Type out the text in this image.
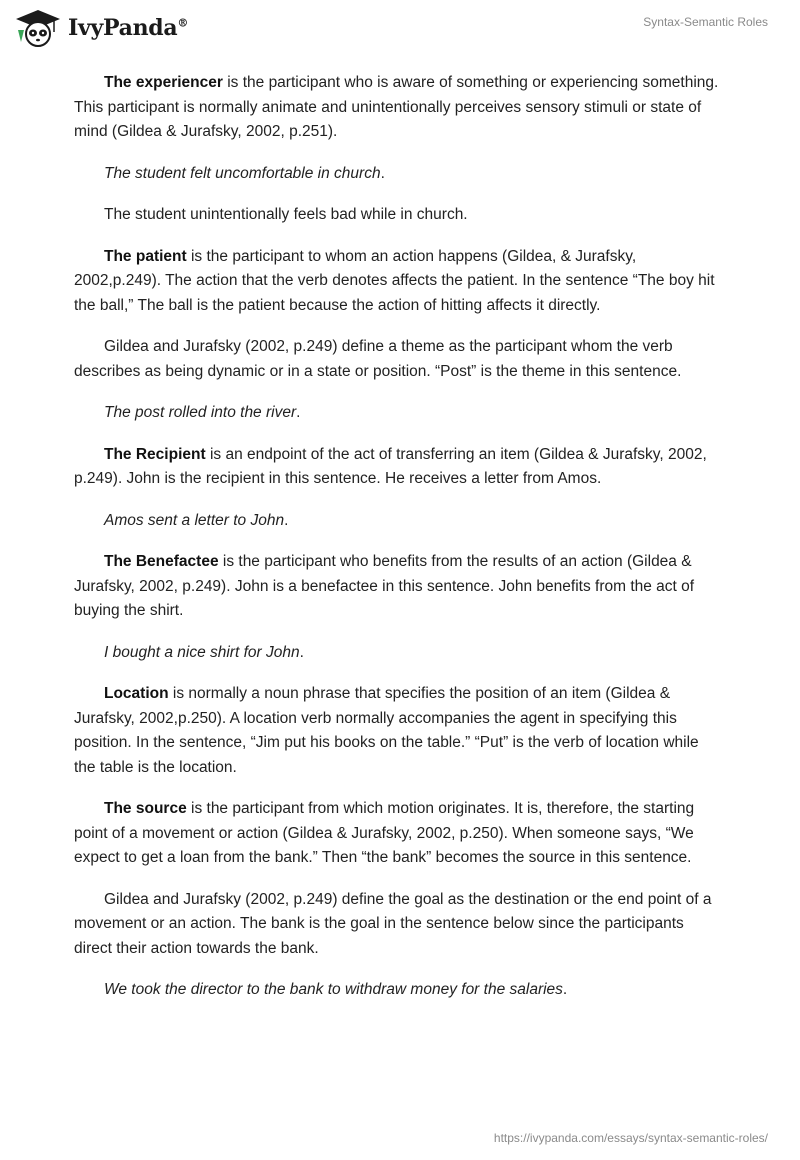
IvyPanda®	Syntax-Semantic Roles

The experiencer is the participant who is aware of something or experiencing something. This participant is normally animate and unintentionally perceives sensory stimuli or state of mind (Gildea & Jurafsky, 2002, p.251).

The student felt uncomfortable in church.

The student unintentionally feels bad while in church.

The patient is the participant to whom an action happens (Gildea, & Jurafsky, 2002,p.249). The action that the verb denotes affects the patient. In the sentence “The boy hit the ball,” The ball is the patient because the action of hitting affects it directly.

Gildea and Jurafsky (2002, p.249) define a theme as the participant whom the verb describes as being dynamic or in a state or position. “Post” is the theme in this sentence.

The post rolled into the river.

The Recipient is an endpoint of the act of transferring an item (Gildea & Jurafsky, 2002, p.249). John is the recipient in this sentence. He receives a letter from Amos.

Amos sent a letter to John.

The Benefactee is the participant who benefits from the results of an action (Gildea & Jurafsky, 2002, p.249). John is a benefactee in this sentence. John benefits from the act of buying the shirt.

I bought a nice shirt for John.

Location is normally a noun phrase that specifies the position of an item (Gildea & Jurafsky, 2002,p.250). A location verb normally accompanies the agent in specifying this position. In the sentence, “Jim put his books on the table.” “Put” is the verb of location while the table is the location.

The source is the participant from which motion originates. It is, therefore, the starting point of a movement or action (Gildea & Jurafsky, 2002, p.250). When someone says, “We expect to get a loan from the bank.” Then “the bank” becomes the source in this sentence.

Gildea and Jurafsky (2002, p.249) define the goal as the destination or the end point of a movement or an action. The bank is the goal in the sentence below since the participants direct their action towards the bank.

We took the director to the bank to withdraw money for the salaries.

https://ivypanda.com/essays/syntax-semantic-roles/
